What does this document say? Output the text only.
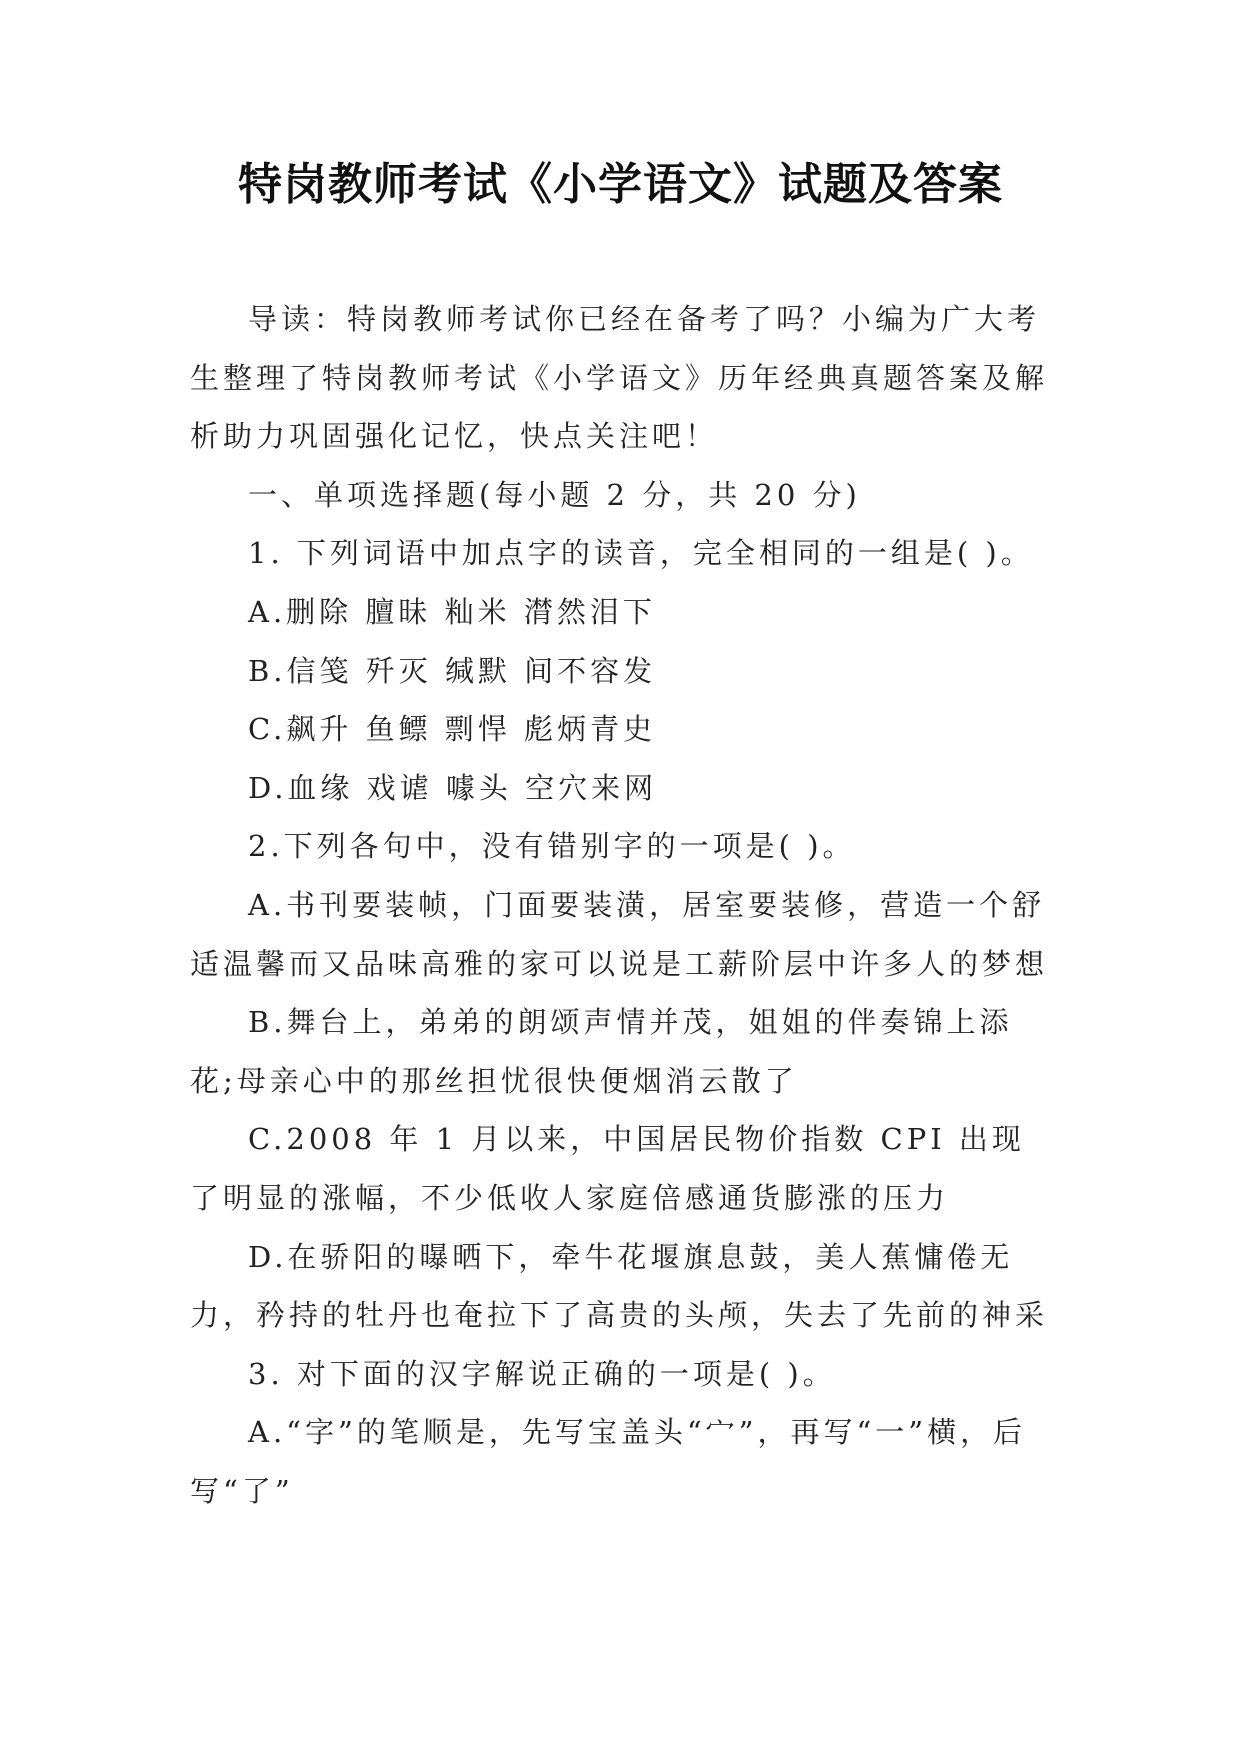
特岗教师考试《小学语文》试题及答案

导读：特岗教师考试你已经在备考了吗？小编为广大考生整理了特岗教师考试《小学语文》历年经典真题答案及解析助力巩固强化记忆，快点关注吧！

一、单项选择题(每小题 2 分，共 20 分)

1. 下列词语中加点字的读音，完全相同的一组是( )。

A.删除 膻昧 籼米 潸然泪下

B.信笺 歼灭 缄默 间不容发

C.飙升 鱼鳔 剽悍 彪炳青史

D.血缘 戏谑 噱头 空穴来网

2.下列各句中，没有错别字的一项是( )。

A.书刊要装帧，门面要装潢，居室要装修，营造一个舒适温馨而又品味高雅的家可以说是工薪阶层中许多人的梦想

B.舞台上，弟弟的朗颂声情并茂，姐姐的伴奏锦上添花;母亲心中的那丝担忧很快便烟消云散了

C.2008 年 1 月以来，中国居民物价指数 CPI 出现了明显的涨幅，不少低收人家庭倍感通货膨涨的压力

D.在骄阳的曝晒下，牵牛花堰旗息鼓，美人蕉慵倦无力，矜持的牡丹也奄拉下了高贵的头颅，失去了先前的神采

3. 对下面的汉字解说正确的一项是( )。

A.“字”的笔顺是，先写宝盖头“宀”，再写“一”横，后写“了”
